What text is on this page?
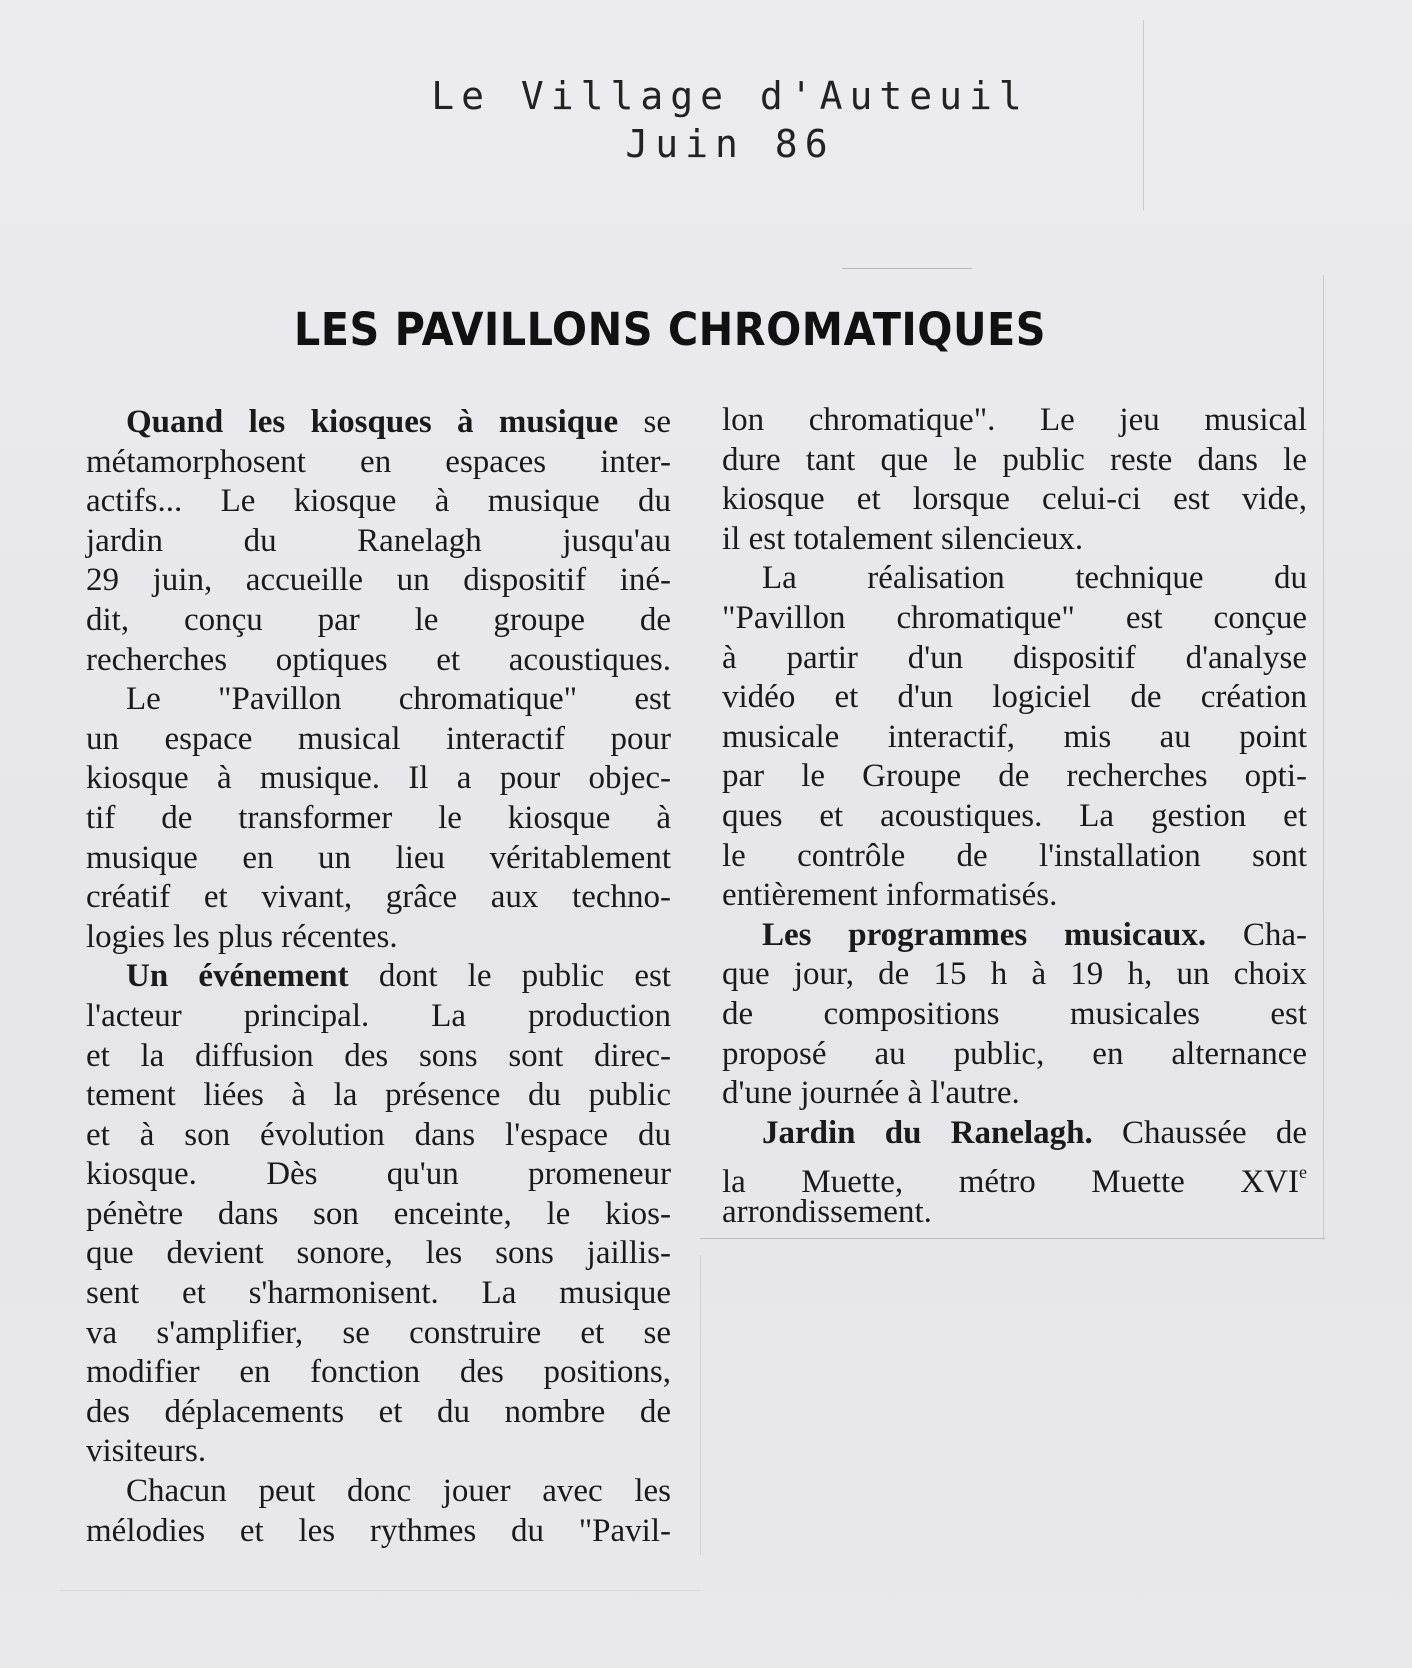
Le Village d'Auteuil
Juin 86
LES PAVILLONS CHROMATIQUES
Quand les kiosques à musique se
métamorphosent en espaces inter-
actifs... Le kiosque à musique du
jardin du Ranelagh jusqu'au
29 juin, accueille un dispositif iné-
dit, conçu par le groupe de
recherches optiques et acoustiques.
Le "Pavillon chromatique" est
un espace musical interactif pour
kiosque à musique. Il a pour objec-
tif de transformer le kiosque à
musique en un lieu véritablement
créatif et vivant, grâce aux techno-
logies les plus récentes.
Un événement dont le public est
l'acteur principal. La production
et la diffusion des sons sont direc-
tement liées à la présence du public
et à son évolution dans l'espace du
kiosque. Dès qu'un promeneur
pénètre dans son enceinte, le kios-
que devient sonore, les sons jaillis-
sent et s'harmonisent. La musique
va s'amplifier, se construire et se
modifier en fonction des positions,
des déplacements et du nombre de
visiteurs.
Chacun peut donc jouer avec les
mélodies et les rythmes du "Pavil-
lon chromatique". Le jeu musical
dure tant que le public reste dans le
kiosque et lorsque celui-ci est vide,
il est totalement silencieux.
La réalisation technique du
"Pavillon chromatique" est conçue
à partir d'un dispositif d'analyse
vidéo et d'un logiciel de création
musicale interactif, mis au point
par le Groupe de recherches opti-
ques et acoustiques. La gestion et
le contrôle de l'installation sont
entièrement informatisés.
Les programmes musicaux. Cha-
que jour, de 15 h à 19 h, un choix
de compositions musicales est
proposé au public, en alternance
d'une journée à l'autre.
Jardin du Ranelagh. Chaussée de
la Muette, métro Muette XVIe
arrondissement.
